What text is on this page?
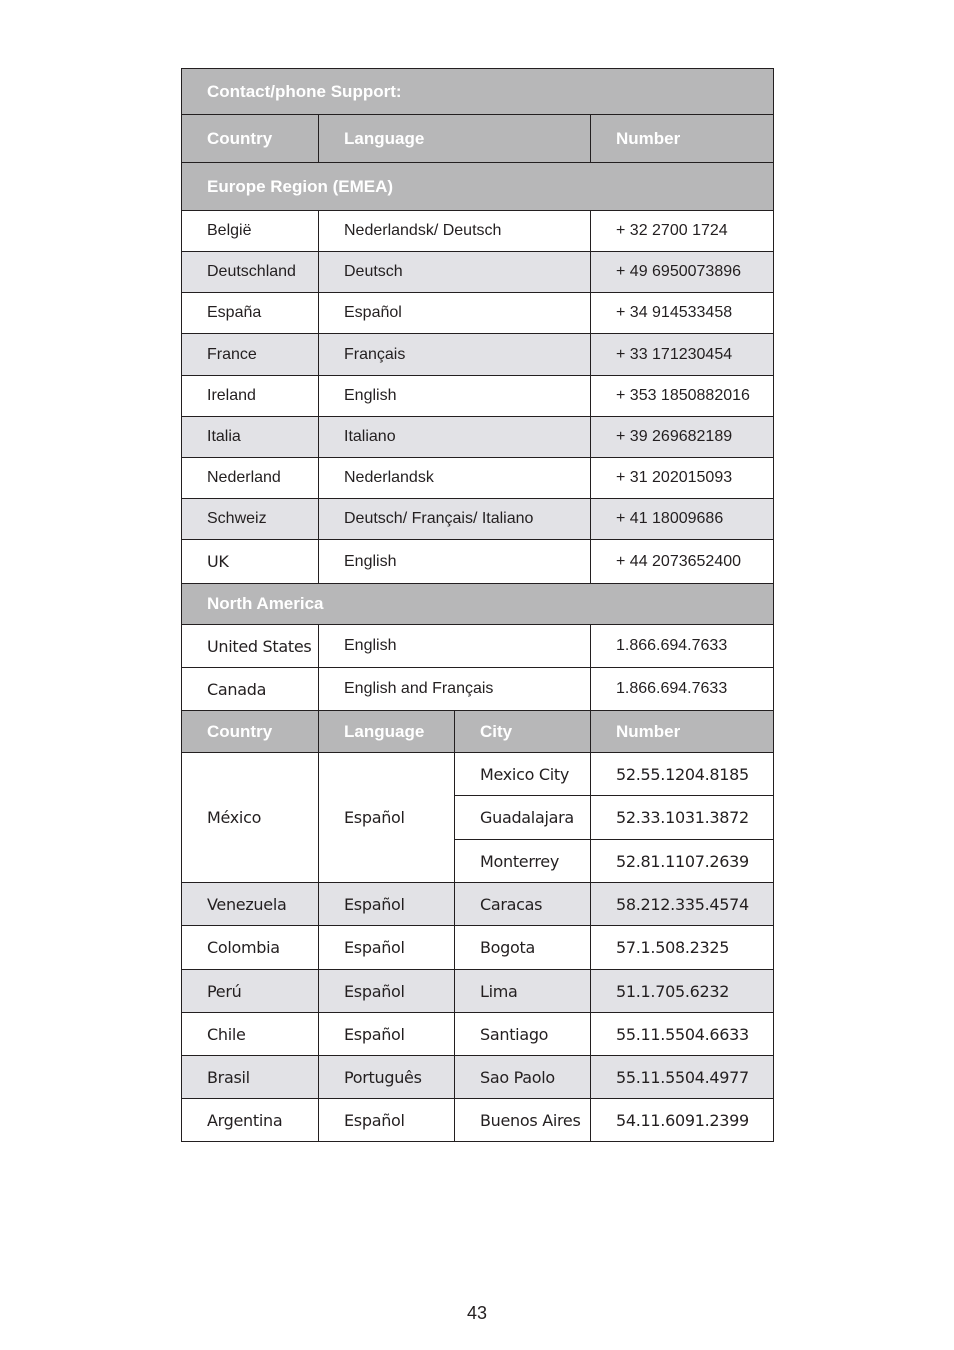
Contact/phone Support:			
Country	Language		Number
Europe Region (EMEA)			
België	Nederlandsk/ Deutsch		+ 32 2700 1724
Deutschland	Deutsch		+ 49 6950073896
España	Español		+ 34 914533458
France	Français		+ 33 171230454
Ireland	English		+ 353 1850882016
Italia	Italiano		+ 39 269682189
Nederland	Nederlandsk		+ 31 202015093
Schweiz	Deutsch/ Français/ Italiano		+ 41 18009686
UK	English		+ 44 2073652400
North America			
United States	English		1.866.694.7633
Canada	English and Français		1.866.694.7633
Country	Language	City	Number
México	Español	Mexico City	52.55.1204.8185
		Guadalajara	52.33.1031.3872
		Monterrey	52.81.1107.2639
Venezuela	Español	Caracas	58.212.335.4574
Colombia	Español	Bogota	57.1.508.2325
Perú	Español	Lima	51.1.705.6232
Chile	Español	Santiago	55.11.5504.6633
Brasil	Português	Sao Paolo	55.11.5504.4977
Argentina	Español	Buenos Aires	54.11.6091.2399
43
